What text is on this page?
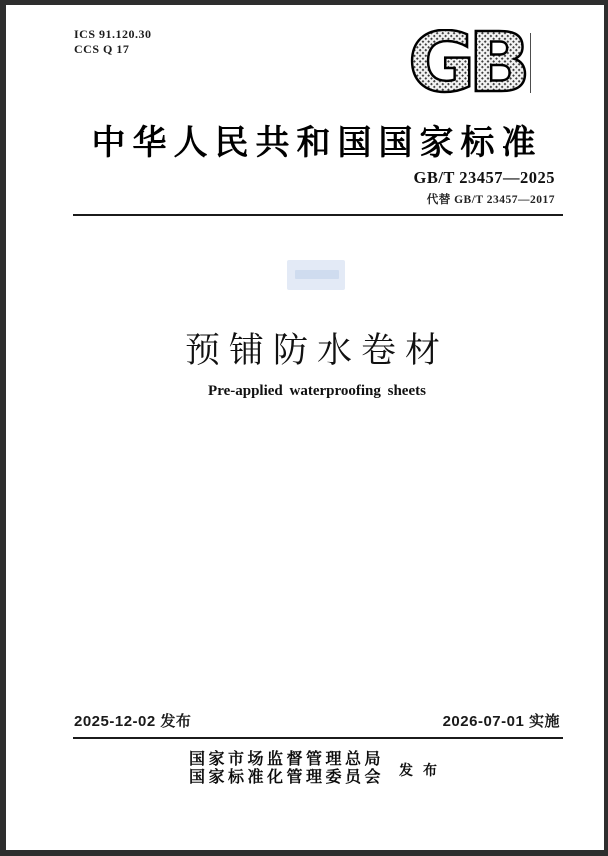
ICS 91.120.30
CCS Q 17	GB
中华人民共和国国家标准
GB/T 23457—2025
代替 GB/T 23457—2017
预铺防水卷材
Pre-applied waterproofing sheets
2025-12-02 发布	2026-07-01 实施
国家市场监督管理总局
国家标准化管理委员会 发布
